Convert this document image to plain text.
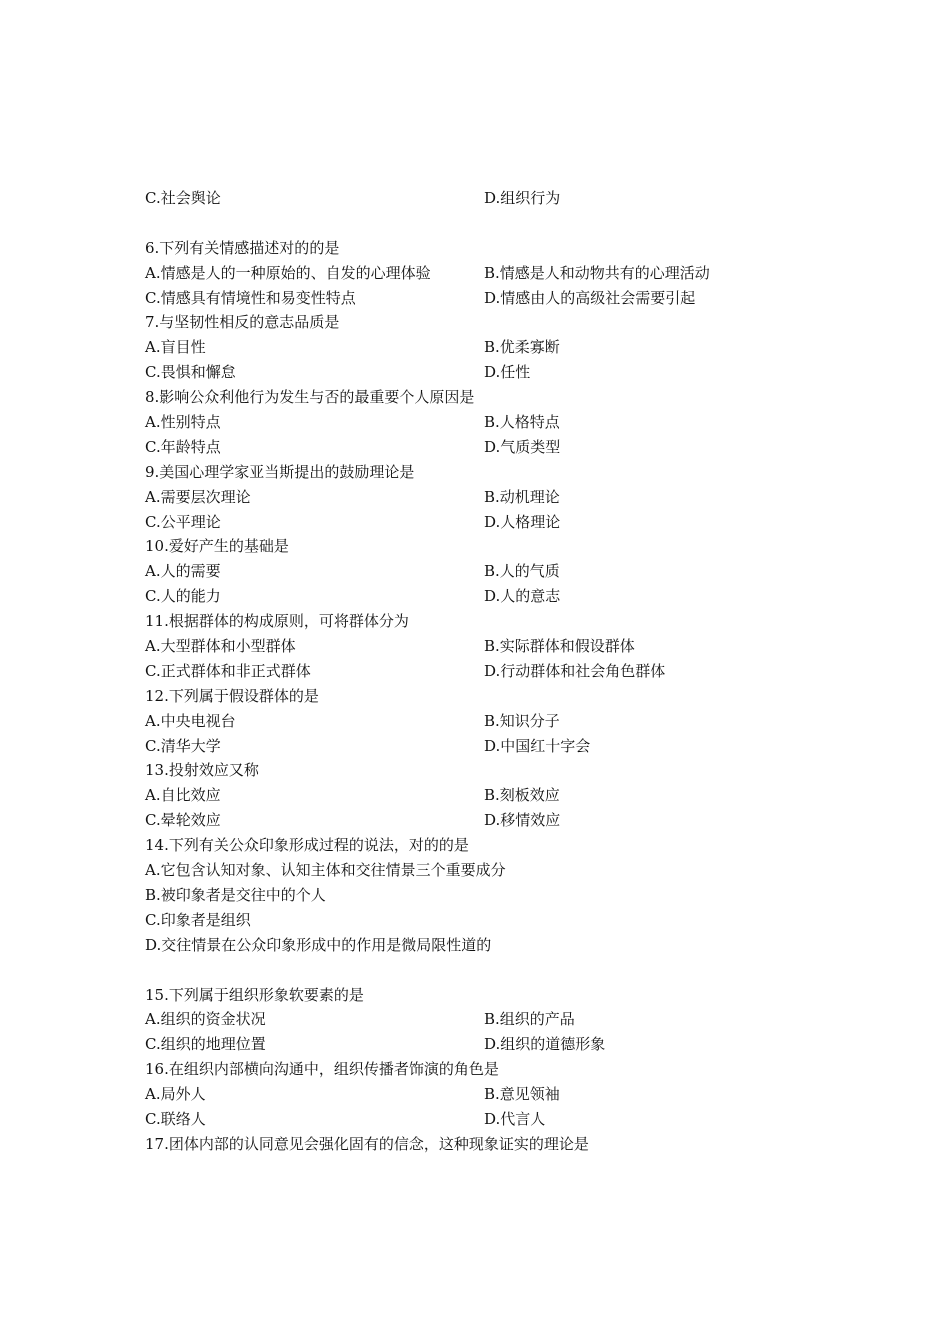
C.社会舆论	D.组织行为
6.下列有关情感描述对的的是
A.情感是人的一种原始的、自发的心理体验	B.情感是人和动物共有的心理活动
C.情感具有情境性和易变性特点	D.情感由人的高级社会需要引起
7.与坚韧性相反的意志品质是
A.盲目性	B.优柔寡断
C.畏惧和懈怠	D.任性
8.影响公众利他行为发生与否的最重要个人原因是
A.性别特点	B.人格特点
C.年龄特点	D.气质类型
9.美国心理学家亚当斯提出的鼓励理论是
A.需要层次理论	B.动机理论
C.公平理论	D.人格理论
10.爱好产生的基础是
A.人的需要	B.人的气质
C.人的能力	D.人的意志
11.根据群体的构成原则，可将群体分为
A.大型群体和小型群体	B.实际群体和假设群体
C.正式群体和非正式群体	D.行动群体和社会角色群体
12.下列属于假设群体的是
A.中央电视台	B.知识分子
C.清华大学	D.中国红十字会
13.投射效应又称
A.自比效应	B.刻板效应
C.晕轮效应	D.移情效应
14.下列有关公众印象形成过程的说法，对的的是
A.它包含认知对象、认知主体和交往情景三个重要成分
B.被印象者是交往中的个人
C.印象者是组织
D.交往情景在公众印象形成中的作用是微局限性道的
15.下列属于组织形象软要素的是
A.组织的资金状况	B.组织的产品
C.组织的地理位置	D.组织的道德形象
16.在组织内部横向沟通中，组织传播者饰演的角色是
A.局外人	B.意见领袖
C.联络人	D.代言人
17.团体内部的认同意见会强化固有的信念，这种现象证实的理论是
